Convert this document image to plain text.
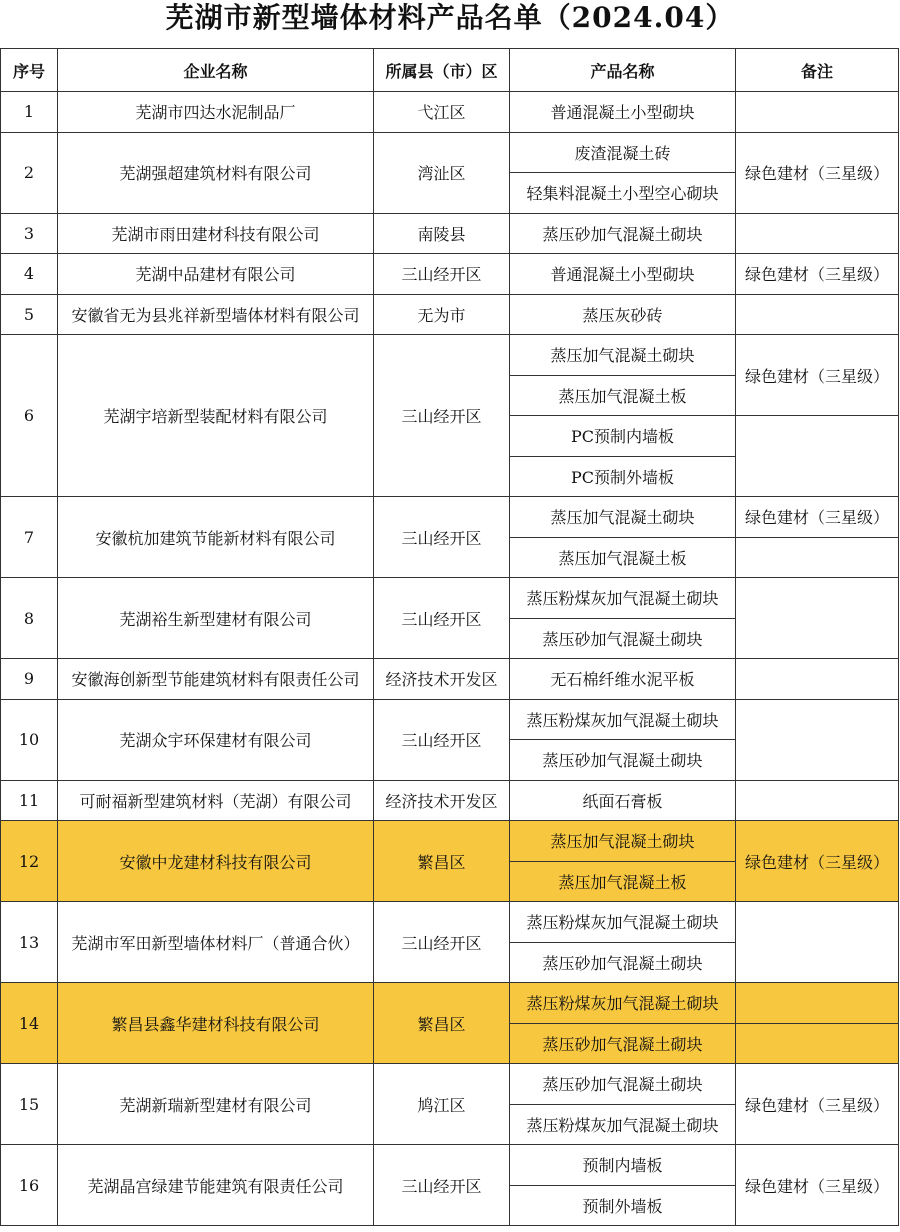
芜湖市新型墙体材料产品名单（2024.04）
序号	企业名称	所属县（市）区	产品名称	备注
1	芜湖市四达水泥制品厂	弋江区	普通混凝土小型砌块	
2	芜湖强超建筑材料有限公司	湾沚区	废渣混凝土砖	绿色建材（三星级）
			轻集料混凝土小型空心砌块	
3	芜湖市雨田建材科技有限公司	南陵县	蒸压砂加气混凝土砌块	
4	芜湖中品建材有限公司	三山经开区	普通混凝土小型砌块	绿色建材（三星级）
5	安徽省无为县兆祥新型墙体材料有限公司	无为市	蒸压灰砂砖	
6	芜湖宇培新型装配材料有限公司	三山经开区	蒸压加气混凝土砌块	绿色建材（三星级）
			蒸压加气混凝土板	
			PC预制内墙板	
			PC预制外墙板	
7	安徽杭加建筑节能新材料有限公司	三山经开区	蒸压加气混凝土砌块	绿色建材（三星级）
			蒸压加气混凝土板	
8	芜湖裕生新型建材有限公司	三山经开区	蒸压粉煤灰加气混凝土砌块	
			蒸压砂加气混凝土砌块	
9	安徽海创新型节能建筑材料有限责任公司	经济技术开发区	无石棉纤维水泥平板	
10	芜湖众宇环保建材有限公司	三山经开区	蒸压粉煤灰加气混凝土砌块	
			蒸压砂加气混凝土砌块	
11	可耐福新型建筑材料（芜湖）有限公司	经济技术开发区	纸面石膏板	
12	安徽中龙建材科技有限公司	繁昌区	蒸压加气混凝土砌块	绿色建材（三星级）
			蒸压加气混凝土板	
13	芜湖市军田新型墙体材料厂（普通合伙）	三山经开区	蒸压粉煤灰加气混凝土砌块	
			蒸压砂加气混凝土砌块	
14	繁昌县鑫华建材科技有限公司	繁昌区	蒸压粉煤灰加气混凝土砌块	
			蒸压砂加气混凝土砌块	
15	芜湖新瑞新型建材有限公司	鸠江区	蒸压砂加气混凝土砌块	绿色建材（三星级）
			蒸压粉煤灰加气混凝土砌块	
16	芜湖晶宫绿建节能建筑有限责任公司	三山经开区	预制内墙板	绿色建材（三星级）
			预制外墙板	
